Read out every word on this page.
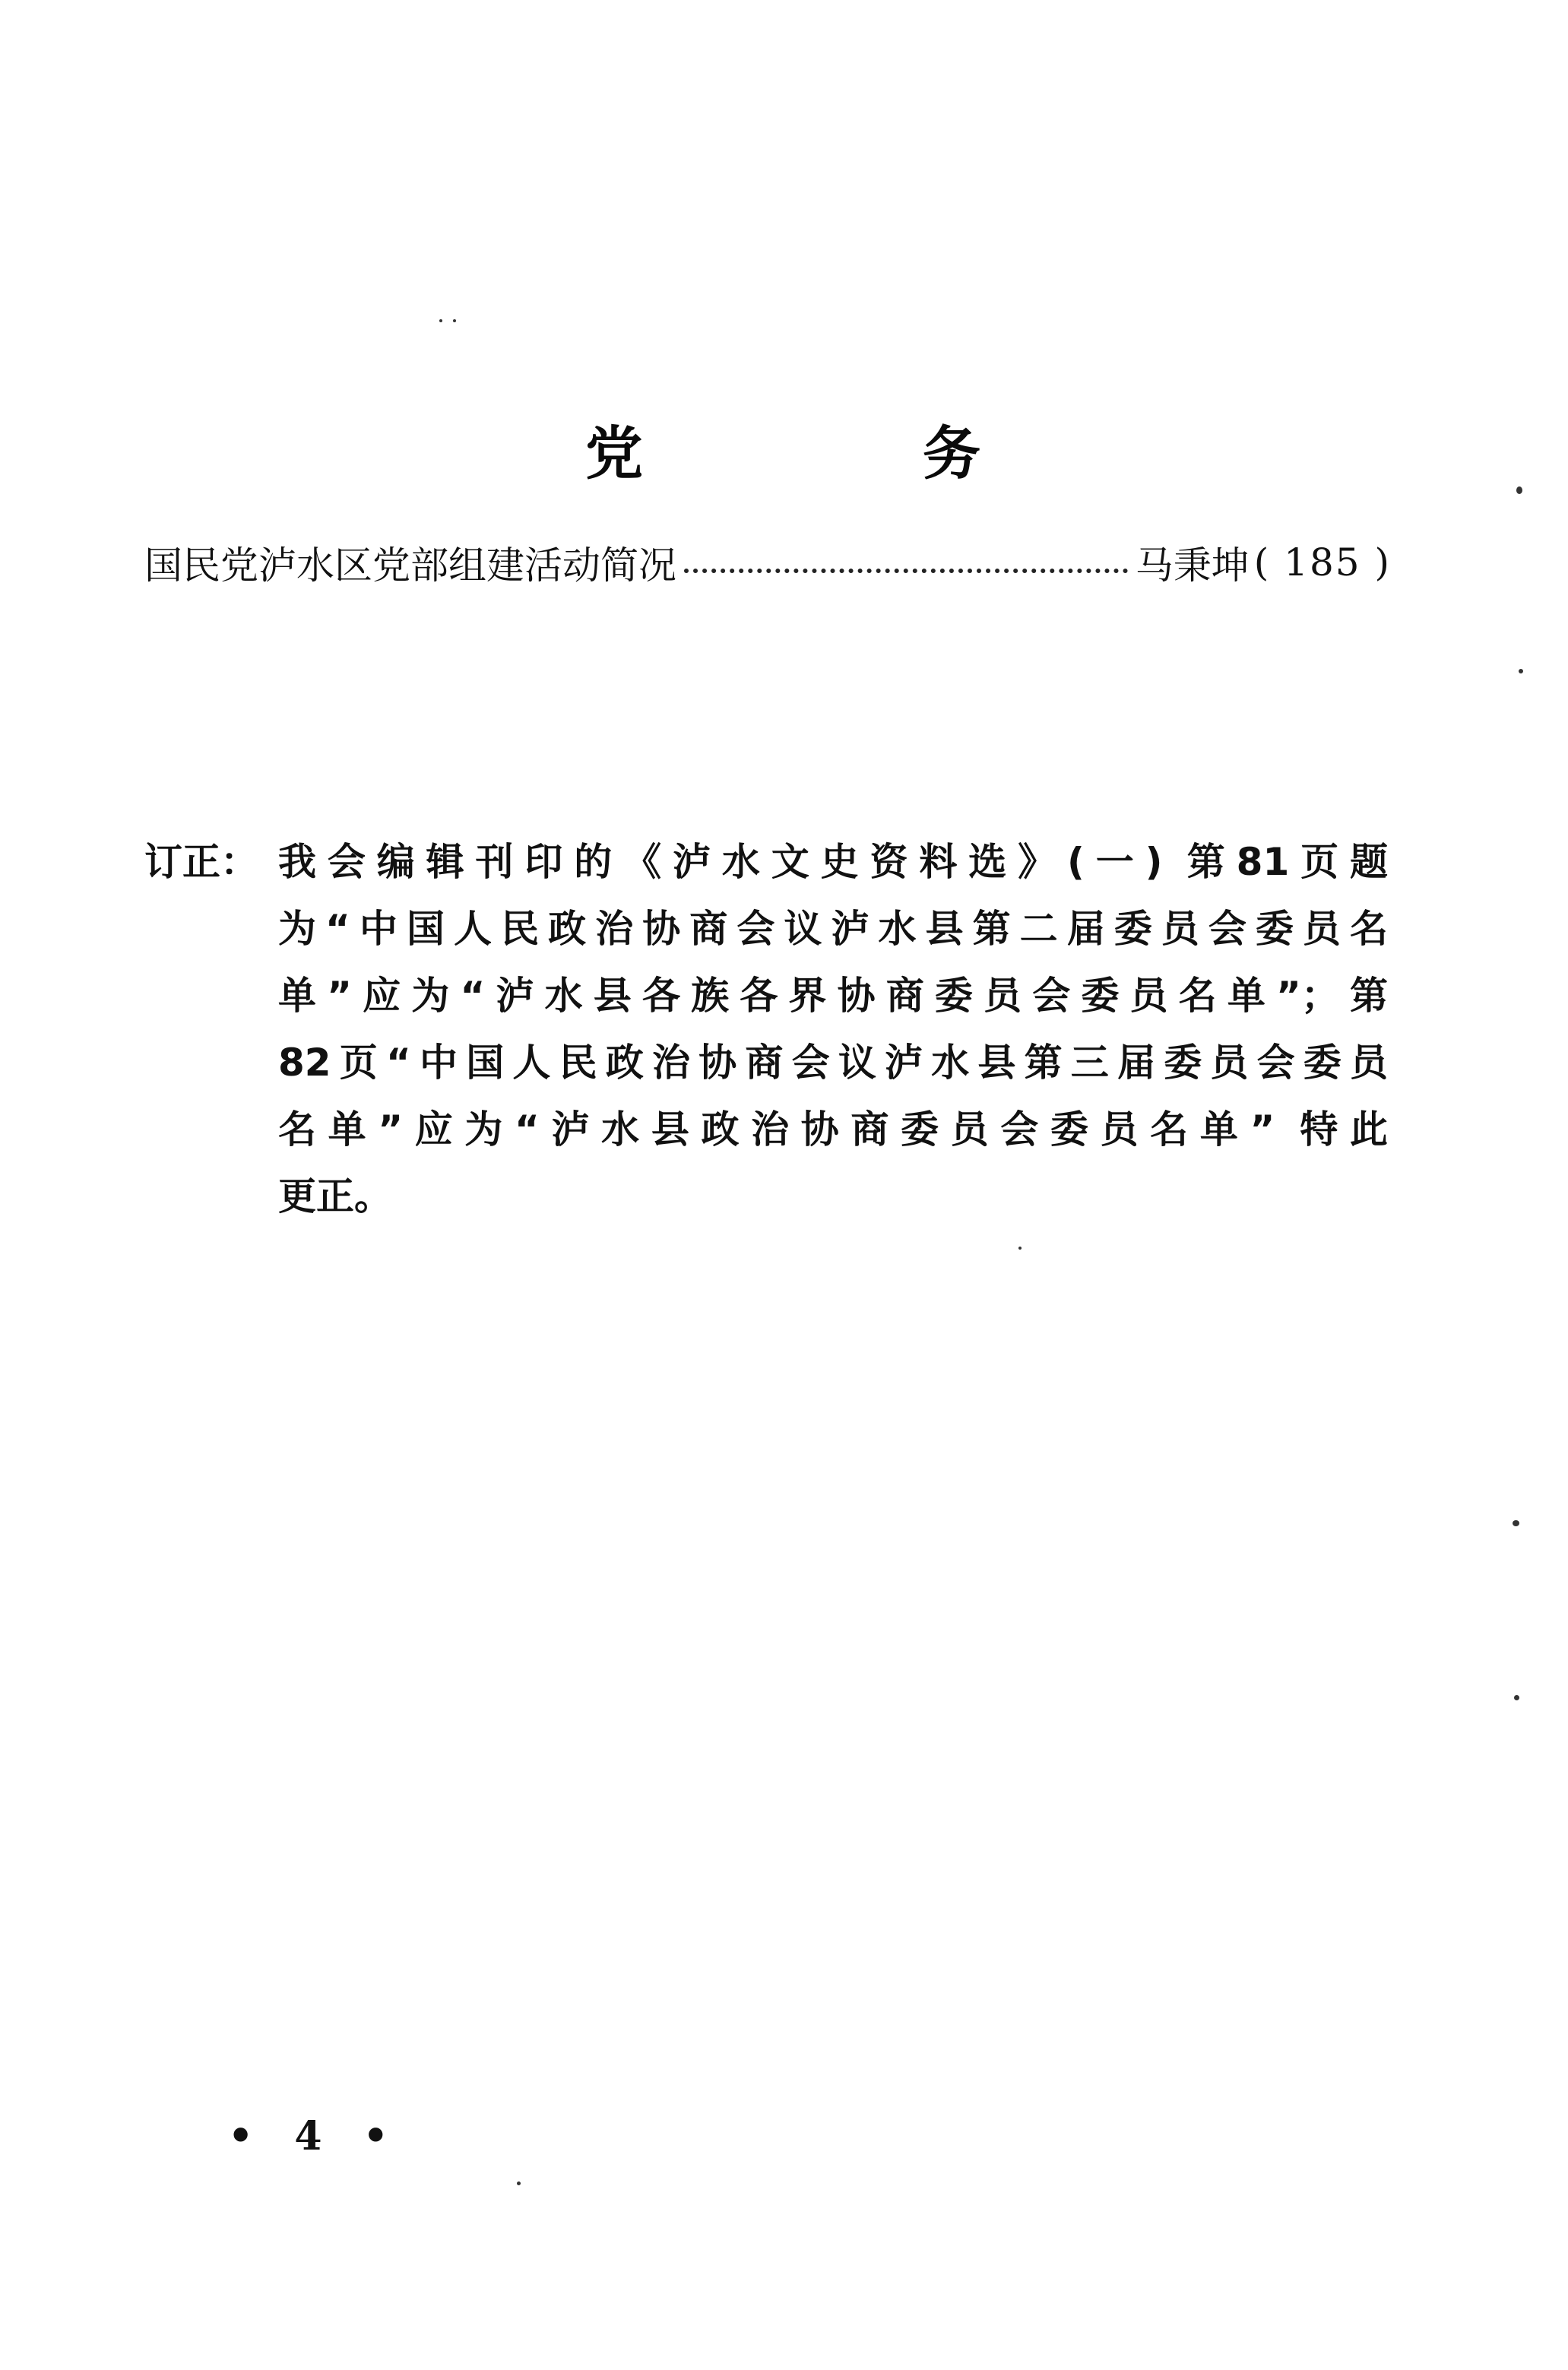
党	务
国民党泸水区党部组建活动简况	马秉坤 ( 185 )
订正： 我会编辑刊印的《泸水文史资料选》(一) 第81页题
为“中国人民政治协商会议泸水县第二届委员会委员名
单”应为“泸水县各族各界协商委员会委员名单”；第
82页“中国人民政治协商会议泸水县第三届委员会委员
名单”应为“泸水县政治协商委员会委员名单” 特此
更正。
• 4 •
